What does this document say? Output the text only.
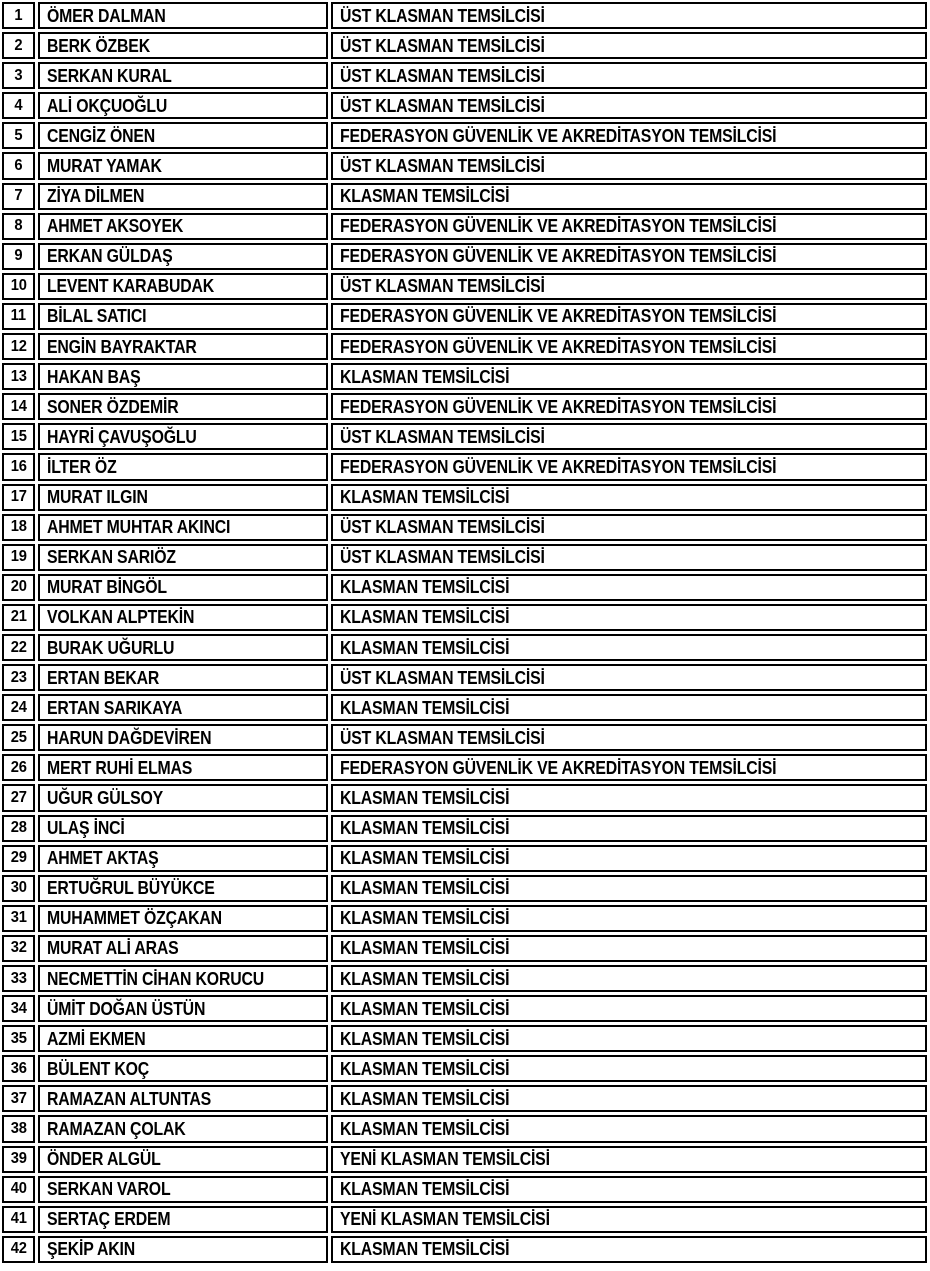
1 ÖMER DALMAN	ÜST KLASMAN TEMSİLCİSİ
2 BERK ÖZBEK	ÜST KLASMAN TEMSİLCİSİ
3 SERKAN KURAL	ÜST KLASMAN TEMSİLCİSİ
4 ALİ OKÇUOĞLU	ÜST KLASMAN TEMSİLCİSİ
5 CENGİZ ÖNEN	FEDERASYON GÜVENLİK VE AKREDİTASYON TEMSİLCİSİ
6 MURAT YAMAK	ÜST KLASMAN TEMSİLCİSİ
7 ZİYA DİLMEN	KLASMAN TEMSİLCİSİ
8 AHMET AKSOYEK	FEDERASYON GÜVENLİK VE AKREDİTASYON TEMSİLCİSİ
9 ERKAN GÜLDAŞ	FEDERASYON GÜVENLİK VE AKREDİTASYON TEMSİLCİSİ
10 LEVENT KARABUDAK	ÜST KLASMAN TEMSİLCİSİ
11 BİLAL SATICI	FEDERASYON GÜVENLİK VE AKREDİTASYON TEMSİLCİSİ
12 ENGİN BAYRAKTAR	FEDERASYON GÜVENLİK VE AKREDİTASYON TEMSİLCİSİ
13 HAKAN BAŞ	KLASMAN TEMSİLCİSİ
14 SONER ÖZDEMİR	FEDERASYON GÜVENLİK VE AKREDİTASYON TEMSİLCİSİ
15 HAYRİ ÇAVUŞOĞLU	ÜST KLASMAN TEMSİLCİSİ
16 İLTER ÖZ	FEDERASYON GÜVENLİK VE AKREDİTASYON TEMSİLCİSİ
17 MURAT ILGIN	KLASMAN TEMSİLCİSİ
18 AHMET MUHTAR AKINCI	ÜST KLASMAN TEMSİLCİSİ
19 SERKAN SARIÖZ	ÜST KLASMAN TEMSİLCİSİ
20 MURAT BİNGÖL	KLASMAN TEMSİLCİSİ
21 VOLKAN ALPTEKİN	KLASMAN TEMSİLCİSİ
22 BURAK UĞURLU	KLASMAN TEMSİLCİSİ
23 ERTAN BEKAR	ÜST KLASMAN TEMSİLCİSİ
24 ERTAN SARIKAYA	KLASMAN TEMSİLCİSİ
25 HARUN DAĞDEVİREN	ÜST KLASMAN TEMSİLCİSİ
26 MERT RUHİ ELMAS	FEDERASYON GÜVENLİK VE AKREDİTASYON TEMSİLCİSİ
27 UĞUR GÜLSOY	KLASMAN TEMSİLCİSİ
28 ULAŞ İNCİ	KLASMAN TEMSİLCİSİ
29 AHMET AKTAŞ	KLASMAN TEMSİLCİSİ
30 ERTUĞRUL BÜYÜKCE	KLASMAN TEMSİLCİSİ
31 MUHAMMET ÖZÇAKAN	KLASMAN TEMSİLCİSİ
32 MURAT ALİ ARAS	KLASMAN TEMSİLCİSİ
33 NECMETTİN CİHAN KORUCU	KLASMAN TEMSİLCİSİ
34 ÜMİT DOĞAN ÜSTÜN	KLASMAN TEMSİLCİSİ
35 AZMİ EKMEN	KLASMAN TEMSİLCİSİ
36 BÜLENT KOÇ	KLASMAN TEMSİLCİSİ
37 RAMAZAN ALTUNTAS	KLASMAN TEMSİLCİSİ
38 RAMAZAN ÇOLAK	KLASMAN TEMSİLCİSİ
39 ÖNDER ALGÜL	YENİ KLASMAN TEMSİLCİSİ
40 SERKAN VAROL	KLASMAN TEMSİLCİSİ
41 SERTAÇ ERDEM	YENİ KLASMAN TEMSİLCİSİ
42 ŞEKİP AKIN	KLASMAN TEMSİLCİSİ
